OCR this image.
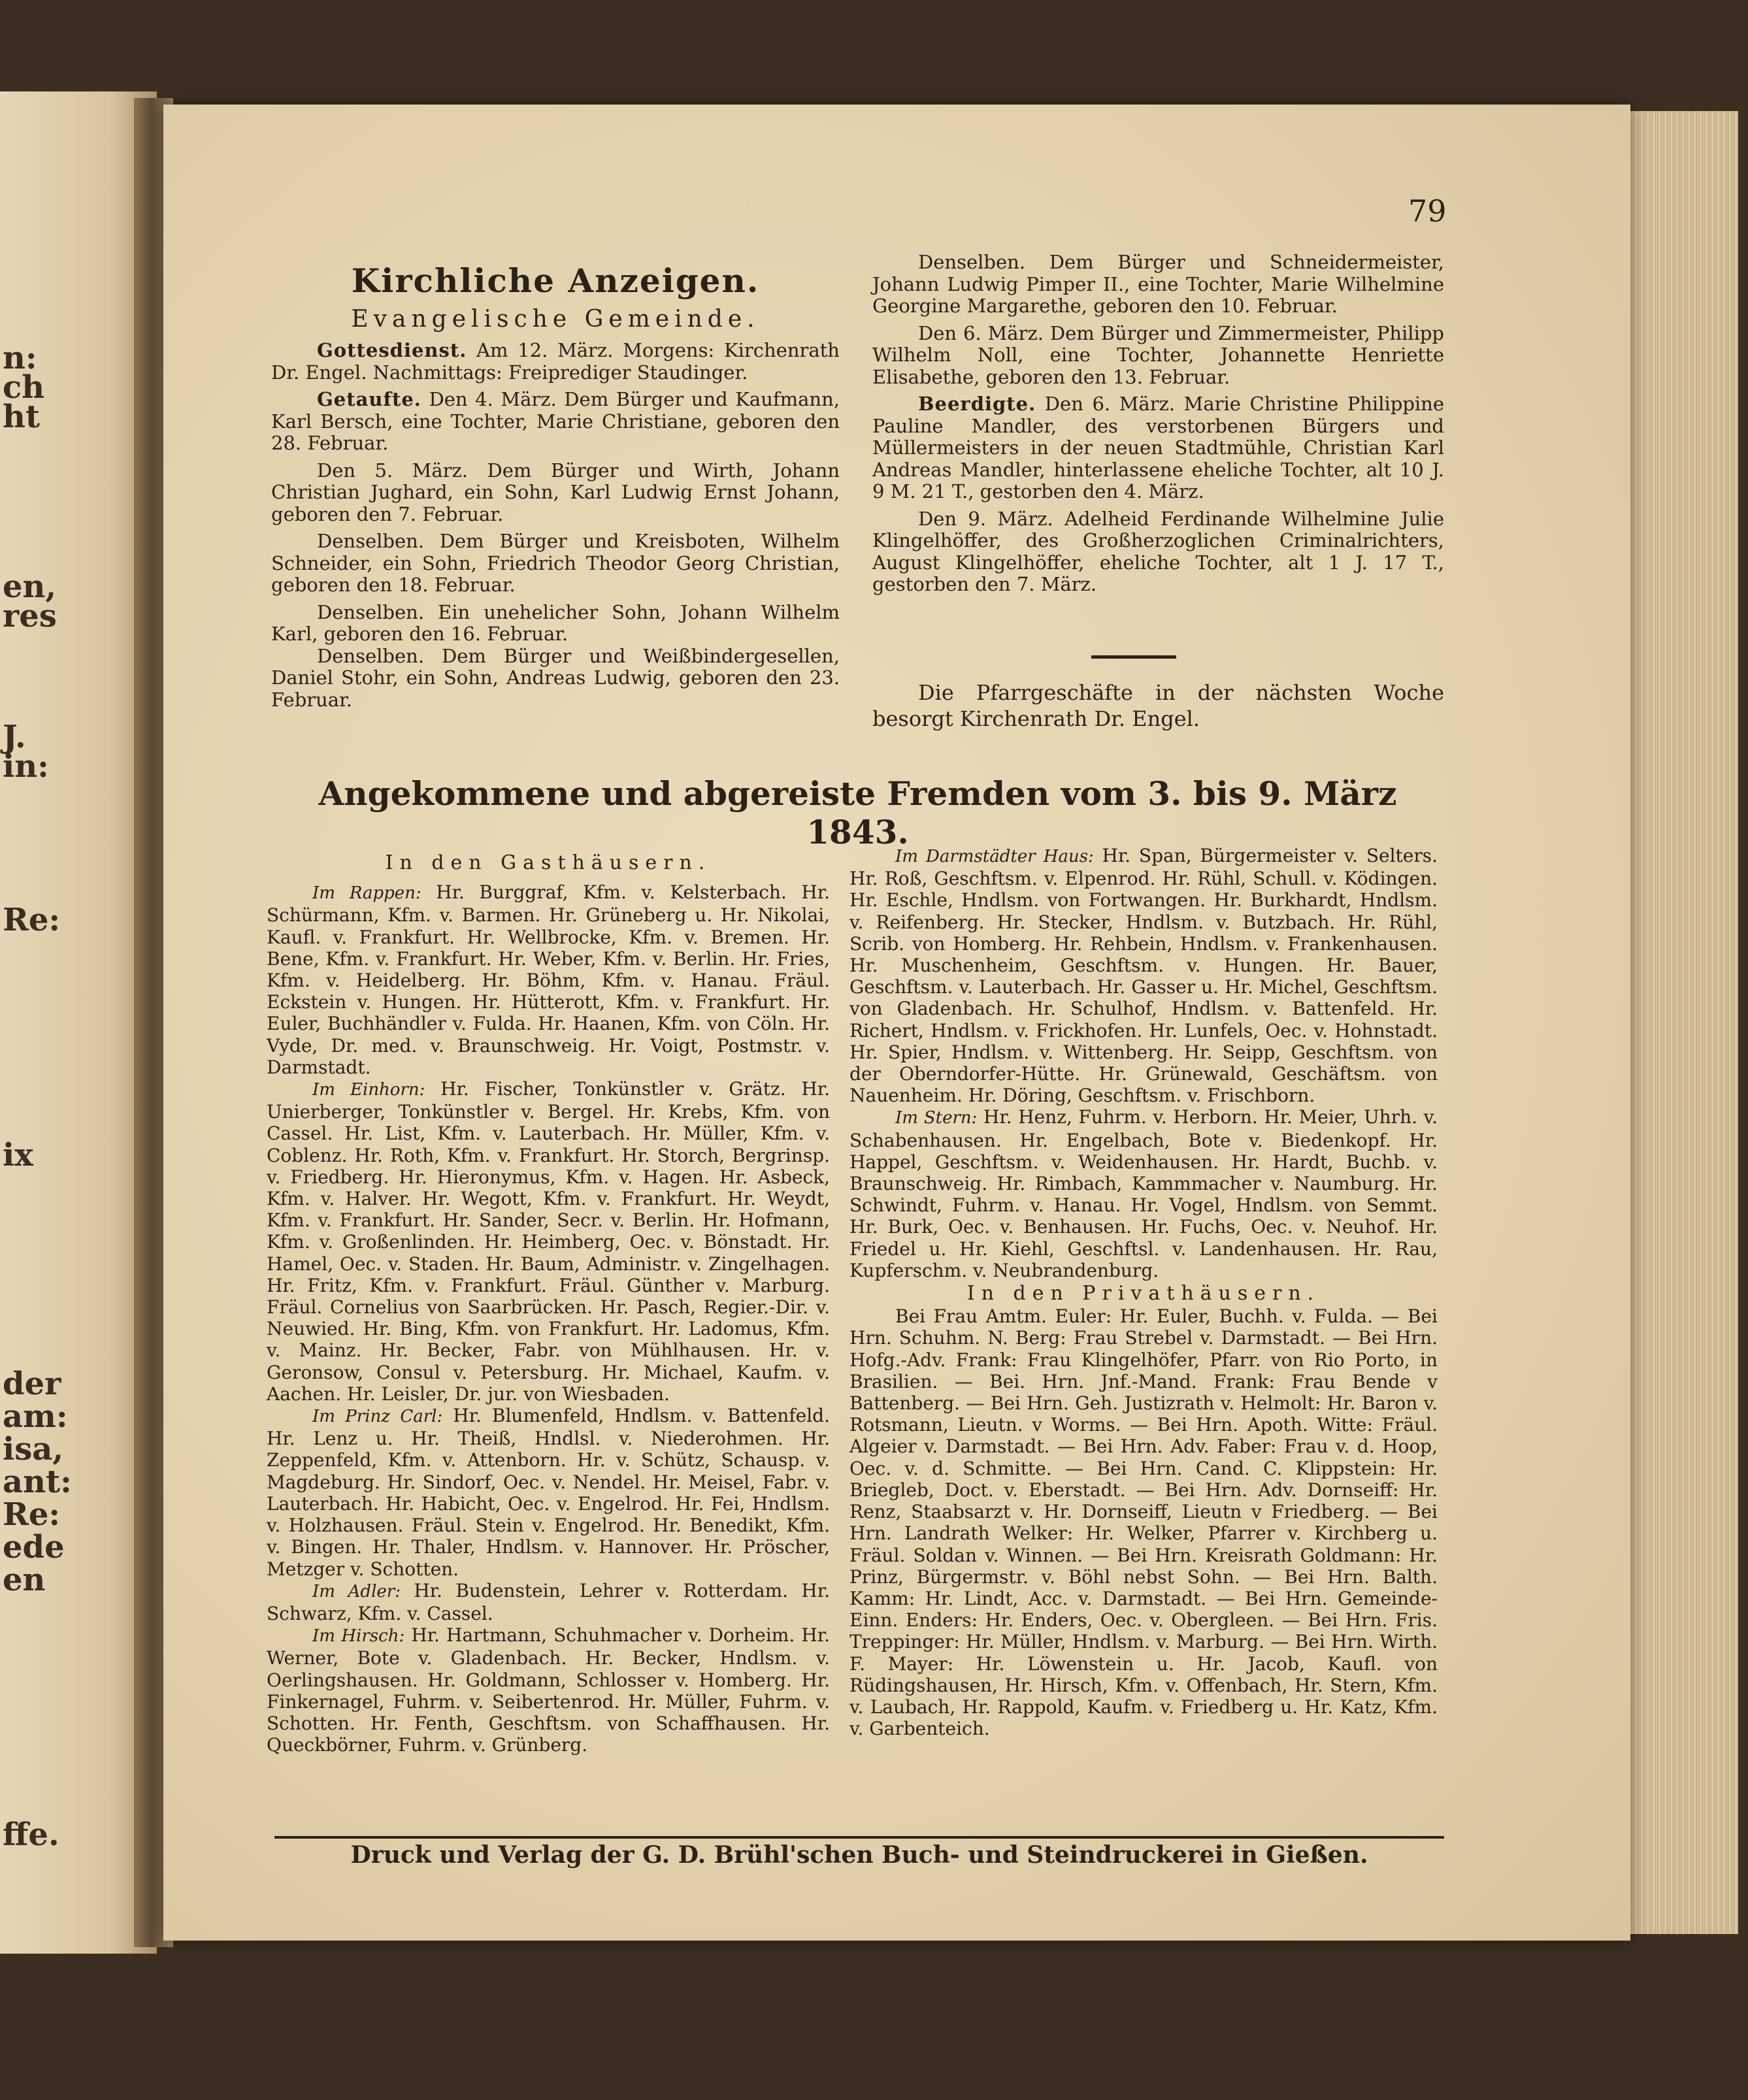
n:
ch
ht
en,
res
J.
in:
Re:
ix
der
am:
isa,
ant:
Re:
ede
en
ffe.
79

Kirchliche Anzeigen.

Evangelische Gemeinde.

Gottesdienst. Am 12. März. Morgens: Kirchenrath Dr. Engel. Nachmittags: Freiprediger Staudinger.

Getaufte. Den 4. März. Dem Bürger und Kaufmann, Karl Bersch, eine Tochter, Marie Christiane, geboren den 28. Februar.

Den 5. März. Dem Bürger und Wirth, Johann Christian Jughard, ein Sohn, Karl Ludwig Ernst Johann, geboren den 7. Februar.

Denselben. Dem Bürger und Kreisboten, Wilhelm Schneider, ein Sohn, Friedrich Theodor Georg Christian, geboren den 18. Februar.

Denselben. Ein unehelicher Sohn, Johann Wilhelm Karl, geboren den 16. Februar.

Denselben. Dem Bürger und Weißbindergesellen, Daniel Stohr, ein Sohn, Andreas Ludwig, geboren den 23. Februar.

Denselben. Dem Bürger und Schneidermeister, Johann Ludwig Pimper II., eine Tochter, Marie Wilhelmine Georgine Margarethe, geboren den 10. Februar.

Den 6. März. Dem Bürger und Zimmermeister, Philipp Wilhelm Noll, eine Tochter, Johannette Henriette Elisabethe, geboren den 13. Februar.

Beerdigte. Den 6. März. Marie Christine Philippine Pauline Mandler, des verstorbenen Bürgers und Müllermeisters in der neuen Stadtmühle, Christian Karl Andreas Mandler, hinterlassene eheliche Tochter, alt 10 J. 9 M. 21 T., gestorben den 4. März.

Den 9. März. Adelheid Ferdinande Wilhelmine Julie Klingelhöffer, des Großherzoglichen Criminalrichters, August Klingelhöffer, eheliche Tochter, alt 1 J. 17 T., gestorben den 7. März.

Die Pfarrgeschäfte in der nächsten Woche besorgt Kirchenrath Dr. Engel.

Angekommene und abgereiste Fremden vom 3. bis 9. März 1843.

In den Gasthäusern.

Im Rappen: Hr. Burggraf, Kfm. v. Kelsterbach. Hr. Schürmann, Kfm. v. Barmen. Hr. Grüneberg u. Hr. Nikolai, Kaufl. v. Frankfurt. Hr. Wellbrocke, Kfm. v. Bremen. Hr. Bene, Kfm. v. Frankfurt. Hr. Weber, Kfm. v. Berlin. Hr. Fries, Kfm. v. Heidelberg. Hr. Böhm, Kfm. v. Hanau. Fräul. Eckstein v. Hungen. Hr. Hütterott, Kfm. v. Frankfurt. Hr. Euler, Buchhändler v. Fulda. Hr. Haanen, Kfm. von Cöln. Hr. Vyde, Dr. med. v. Braunschweig. Hr. Voigt, Postmstr. v. Darmstadt.

Im Einhorn: Hr. Fischer, Tonkünstler v. Grätz. Hr. Unierberger, Tonkünstler v. Bergel. Hr. Krebs, Kfm. von Cassel. Hr. List, Kfm. v. Lauterbach. Hr. Müller, Kfm. v. Coblenz. Hr. Roth, Kfm. v. Frankfurt. Hr. Storch, Bergrinsp. v. Friedberg. Hr. Hieronymus, Kfm. v. Hagen. Hr. Asbeck, Kfm. v. Halver. Hr. Wegott, Kfm. v. Frankfurt. Hr. Weydt, Kfm. v. Frankfurt. Hr. Sander, Secr. v. Berlin. Hr. Hofmann, Kfm. v. Großenlinden. Hr. Heimberg, Oec. v. Bönstadt. Hr. Hamel, Oec. v. Staden. Hr. Baum, Administr. v. Zingelhagen. Hr. Fritz, Kfm. v. Frankfurt. Fräul. Günther v. Marburg. Fräul. Cornelius von Saarbrücken. Hr. Pasch, Regier.-Dir. v. Neuwied. Hr. Bing, Kfm. von Frankfurt. Hr. Ladomus, Kfm. v. Mainz. Hr. Becker, Fabr. von Mühlhausen. Hr. v. Geronsow, Consul v. Petersburg. Hr. Michael, Kaufm. v. Aachen. Hr. Leisler, Dr. jur. von Wiesbaden.

Im Prinz Carl: Hr. Blumenfeld, Hndlsm. v. Battenfeld. Hr. Lenz u. Hr. Theiß, Hndlsl. v. Niederohmen. Hr. Zeppenfeld, Kfm. v. Attenborn. Hr. v. Schütz, Schausp. v. Magdeburg. Hr. Sindorf, Oec. v. Nendel. Hr. Meisel, Fabr. v. Lauterbach. Hr. Habicht, Oec. v. Engelrod. Hr. Fei, Hndlsm. v. Holzhausen. Fräul. Stein v. Engelrod. Hr. Benedikt, Kfm. v. Bingen. Hr. Thaler, Hndlsm. v. Hannover. Hr. Pröscher, Metzger v. Schotten.

Im Adler: Hr. Budenstein, Lehrer v. Rotterdam. Hr. Schwarz, Kfm. v. Cassel.

Im Hirsch: Hr. Hartmann, Schuhmacher v. Dorheim. Hr. Werner, Bote v. Gladenbach. Hr. Becker, Hndlsm. v. Oerlingshausen. Hr. Goldmann, Schlosser v. Homberg. Hr. Finkernagel, Fuhrm. v. Seibertenrod. Hr. Müller, Fuhrm. v. Schotten. Hr. Fenth, Geschftsm. von Schaffhausen. Hr. Queckbörner, Fuhrm. v. Grünberg.

Im Darmstädter Haus: Hr. Span, Bürgermeister v. Selters. Hr. Roß, Geschftsm. v. Elpenrod. Hr. Rühl, Schull. v. Ködingen. Hr. Eschle, Hndlsm. von Fortwangen. Hr. Burkhardt, Hndlsm. v. Reifenberg. Hr. Stecker, Hndlsm. v. Butzbach. Hr. Rühl, Scrib. von Homberg. Hr. Rehbein, Hndlsm. v. Frankenhausen. Hr. Muschenheim, Geschftsm. v. Hungen. Hr. Bauer, Geschftsm. v. Lauterbach. Hr. Gasser u. Hr. Michel, Geschftsm. von Gladenbach. Hr. Schulhof, Hndlsm. v. Battenfeld. Hr. Richert, Hndlsm. v. Frickhofen. Hr. Lunfels, Oec. v. Hohnstadt. Hr. Spier, Hndlsm. v. Wittenberg. Hr. Seipp, Geschftsm. von der Oberndorfer-Hütte. Hr. Grünewald, Geschäftsm. von Nauenheim. Hr. Döring, Geschftsm. v. Frischborn.

Im Stern: Hr. Henz, Fuhrm. v. Herborn. Hr. Meier, Uhrh. v. Schabenhausen. Hr. Engelbach, Bote v. Biedenkopf. Hr. Happel, Geschftsm. v. Weidenhausen. Hr. Hardt, Buchb. v. Braunschweig. Hr. Rimbach, Kammmacher v. Naumburg. Hr. Schwindt, Fuhrm. v. Hanau. Hr. Vogel, Hndlsm. von Semmt. Hr. Burk, Oec. v. Benhausen. Hr. Fuchs, Oec. v. Neuhof. Hr. Friedel u. Hr. Kiehl, Geschftsl. v. Landenhausen. Hr. Rau, Kupferschm. v. Neubrandenburg.

In den Privathäusern.

Bei Frau Amtm. Euler: Hr. Euler, Buchh. v. Fulda. — Bei Hrn. Schuhm. N. Berg: Frau Strebel v. Darmstadt. — Bei Hrn. Hofg.-Adv. Frank: Frau Klingelhöfer, Pfarr. von Rio Porto, in Brasilien. — Bei. Hrn. Jnf.-Mand. Frank: Frau Bende v Battenberg. — Bei Hrn. Geh. Justizrath v. Helmolt: Hr. Baron v. Rotsmann, Lieutn. v Worms. — Bei Hrn. Apoth. Witte: Fräul. Algeier v. Darmstadt. — Bei Hrn. Adv. Faber: Frau v. d. Hoop, Oec. v. d. Schmitte. — Bei Hrn. Cand. C. Klippstein: Hr. Briegleb, Doct. v. Eberstadt. — Bei Hrn. Adv. Dornseiff: Hr. Renz, Staabsarzt v. Hr. Dornseiff, Lieutn v Friedberg. — Bei Hrn. Landrath Welker: Hr. Welker, Pfarrer v. Kirchberg u. Fräul. Soldan v. Winnen. — Bei Hrn. Kreisrath Goldmann: Hr. Prinz, Bürgermstr. v. Böhl nebst Sohn. — Bei Hrn. Balth. Kamm: Hr. Lindt, Acc. v. Darmstadt. — Bei Hrn. Gemeinde-Einn. Enders: Hr. Enders, Oec. v. Obergleen. — Bei Hrn. Fris. Treppinger: Hr. Müller, Hndlsm. v. Marburg. — Bei Hrn. Wirth. F. Mayer: Hr. Löwenstein u. Hr. Jacob, Kaufl. von Rüdingshausen, Hr. Hirsch, Kfm. v. Offenbach, Hr. Stern, Kfm. v. Laubach, Hr. Rappold, Kaufm. v. Friedberg u. Hr. Katz, Kfm. v. Garbenteich.

Druck und Verlag der G. D. Brühl'schen Buch- und Steindruckerei in Gießen.
